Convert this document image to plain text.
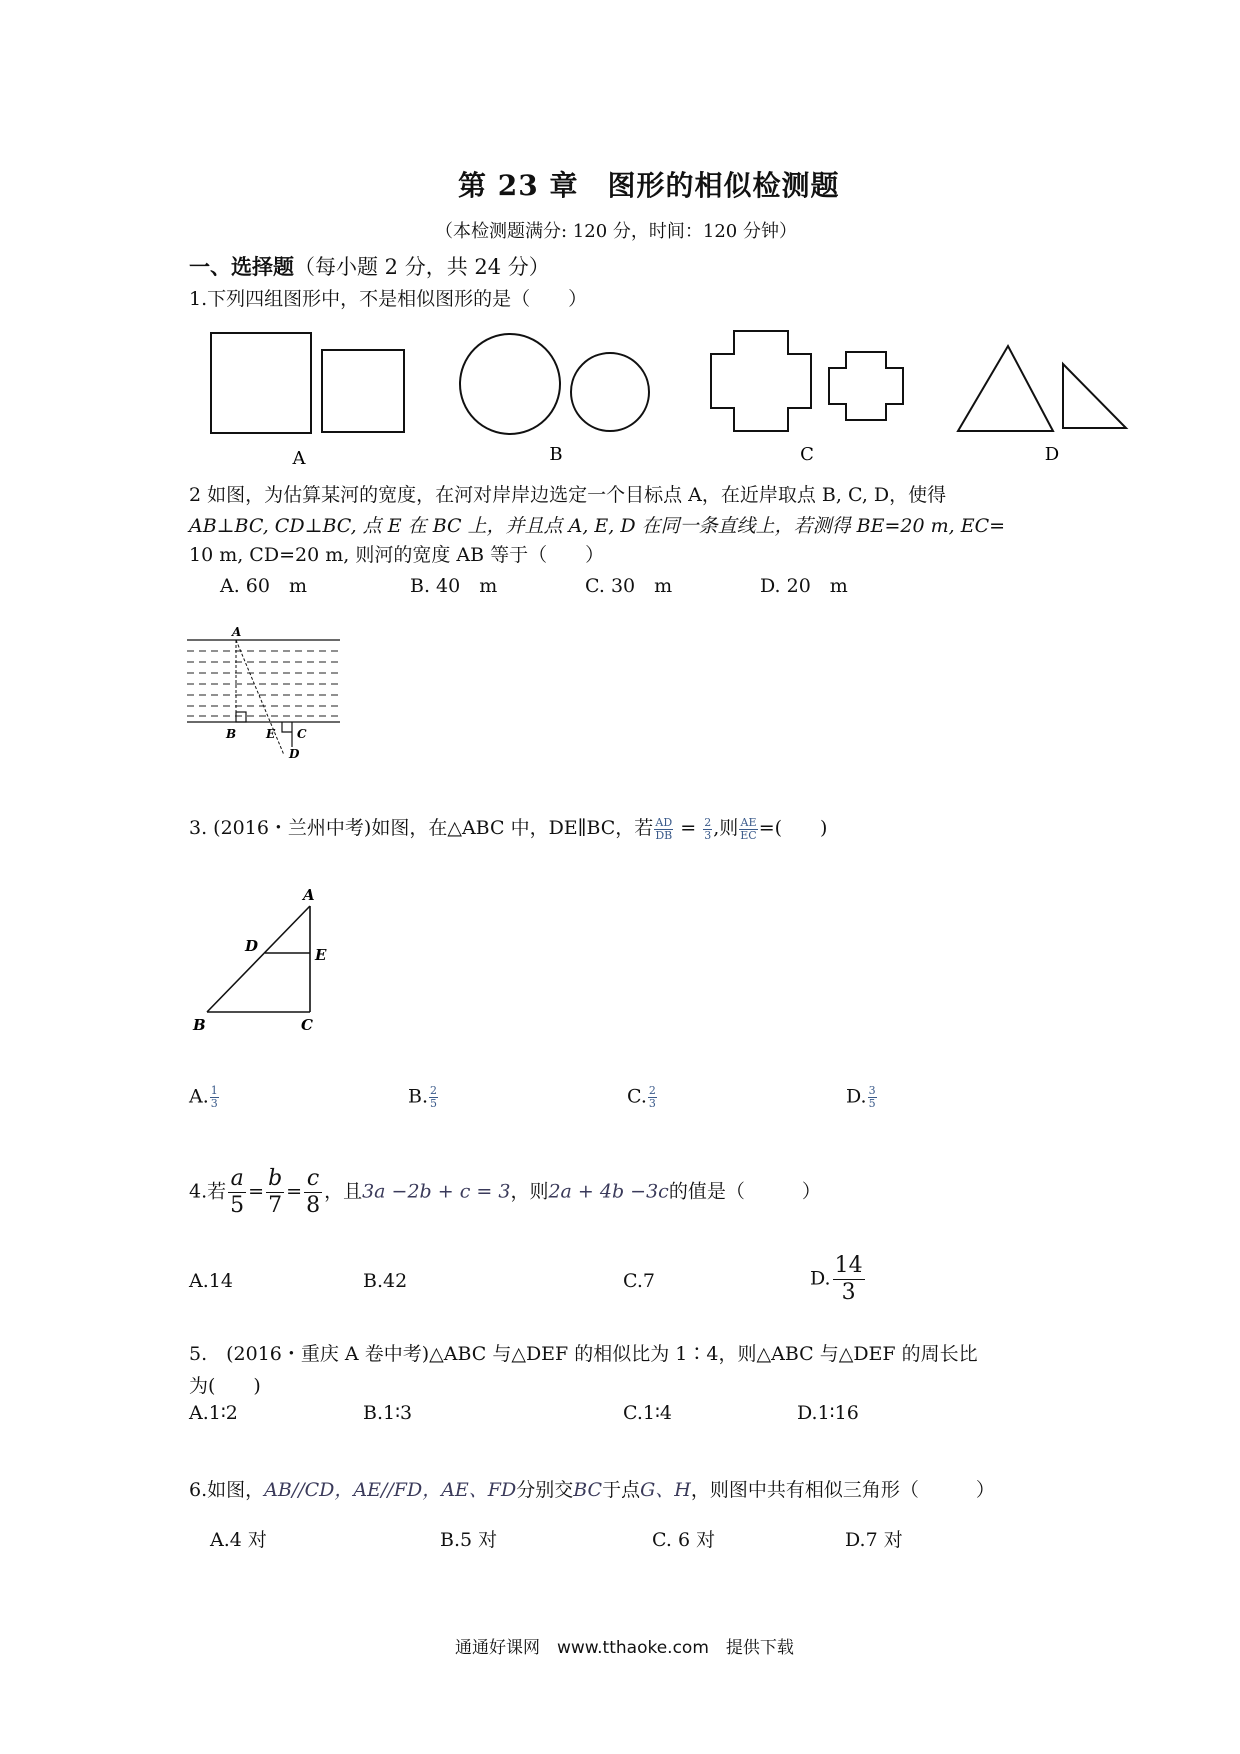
第 23 章　图形的相似检测题
（本检测题满分: 120 分，时间：120 分钟）
一、选择题（每小题 2 分，共 24 分）
1.下列四组图形中，不是相似图形的是（　　）
A	B	C	D
2 如图，为估算某河的宽度，在河对岸岸边选定一个目标点 A，在近岸取点 B, C, D，使得
AB⊥BC, CD⊥BC, 点 E 在 BC 上，并且点 A, E, D 在同一条直线上，若测得 BE=20 m, EC=
10 m, CD=20 m, 则河的宽度 AB 等于（　　）
A. 60　m	B. 40　m	C. 30　m	D. 20　m
A
B E C
D
3. (2016・兰州中考)如图，在△ABC 中，DE∥BC，若 $\frac{AD}{DB} = \frac{2}{3}$ ,则 $\frac{AE}{EC}$ =(　　)
A
D	E
B	C
A. $\frac{1}{3}$	B. $\frac{2}{5}$	C. $\frac{2}{3}$	D. $\frac{3}{5}$
4.若 $\frac{a}{5} = \frac{b}{7} = \frac{c}{8}$ ，且3a −2b + c = 3，则2a + 4b −3c的值是（　　　）
A.14	B.42	C.7	D. $\frac{14}{3}$
5.　(2016・重庆 A 卷中考)△ABC 与△DEF 的相似比为 1∶4，则△ABC 与△DEF 的周长比
为(　　)
A.1∶2	B.1∶3	C.1∶4	D.1∶16
6.如图，AB//CD，AE//FD，AE、FD分别交BC于点G、H，则图中共有相似三角形（　　　）
A.4 对	B.5 对	C. 6 对	D.7 对
通通好课网　www.tthaoke.com　提供下载
